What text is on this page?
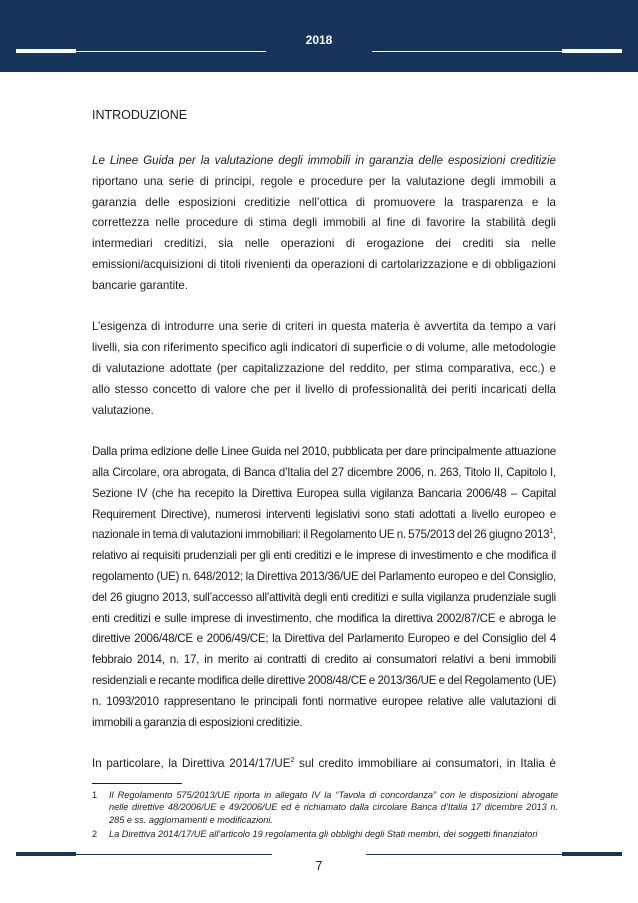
2018
INTRODUZIONE

Le Linee Guida per la valutazione degli immobili in garanzia delle esposizioni creditizie riportano una serie di principi, regole e procedure per la valutazione degli immobili a garanzia delle esposizioni creditizie nell’ottica di promuovere la trasparenza e la correttezza nelle procedure di stima degli immobili al fine di favorire la stabilità degli intermediari creditizi, sia nelle operazioni di erogazione dei crediti sia nelle emissioni/acquisizioni di titoli rivenienti da operazioni di cartolarizzazione e di obbligazioni bancarie garantite.

L’esigenza di introdurre una serie di criteri in questa materia è avvertita da tempo a vari livelli, sia con riferimento specifico agli indicatori di superficie o di volume, alle metodologie di valutazione adottate (per capitalizzazione del reddito, per stima comparativa, ecc.) e allo stesso concetto di valore che per il livello di professionalità dei periti incaricati della valutazione.

Dalla prima edizione delle Linee Guida nel 2010, pubblicata per dare principalmente attuazione alla Circolare, ora abrogata, di Banca d’Italia del 27 dicembre 2006, n. 263, Titolo II, Capitolo I, Sezione IV (che ha recepito la Direttiva Europea sulla vigilanza Bancaria 2006/48 – Capital Requirement Directive), numerosi interventi legislativi sono stati adottati a livello europeo e nazionale in tema di valutazioni immobiliari: il Regolamento UE n. 575/2013 del 26 giugno 2013$^1$, relativo ai requisiti prudenziali per gli enti creditizi e le imprese di investimento e che modifica il regolamento (UE) n. 648/2012; la Direttiva 2013/36/UE del Parlamento europeo e del Consiglio, del 26 giugno 2013, sull’accesso all’attività degli enti creditizi e sulla vigilanza prudenziale sugli enti creditizi e sulle imprese di investimento, che modifica la direttiva 2002/87/CE e abroga le direttive 2006/48/CE e 2006/49/CE; la Direttiva del Parlamento Europeo e del Consiglio del 4 febbraio 2014, n. 17, in merito ai contratti di credito ai consumatori relativi a beni immobili residenziali e recante modifica delle direttive 2008/48/CE e 2013/36/UE e del Regolamento (UE) n. 1093/2010 rappresentano le principali fonti normative europee relative alle valutazioni di immobili a garanzia di esposizioni creditizie.

In particolare, la Direttiva $2014/17/UE^2$ sul credito immobiliare ai consumatori, in Italia è

1 Il Regolamento 575/2013/UE riporta in allegato IV la “Tavola di concordanza” con le disposizioni abrogate nelle direttive 48/2006/UE e 49/2006/UE ed è richiamato dalla circolare Banca d’Italia 17 dicembre 2013 n. 285 e ss. aggiornamenti e modificazioni.
2 La Direttiva 2014/17/UE all’articolo 19 regolamenta gli obblighi degli Stati membri, dei soggetti finanziatori
7
